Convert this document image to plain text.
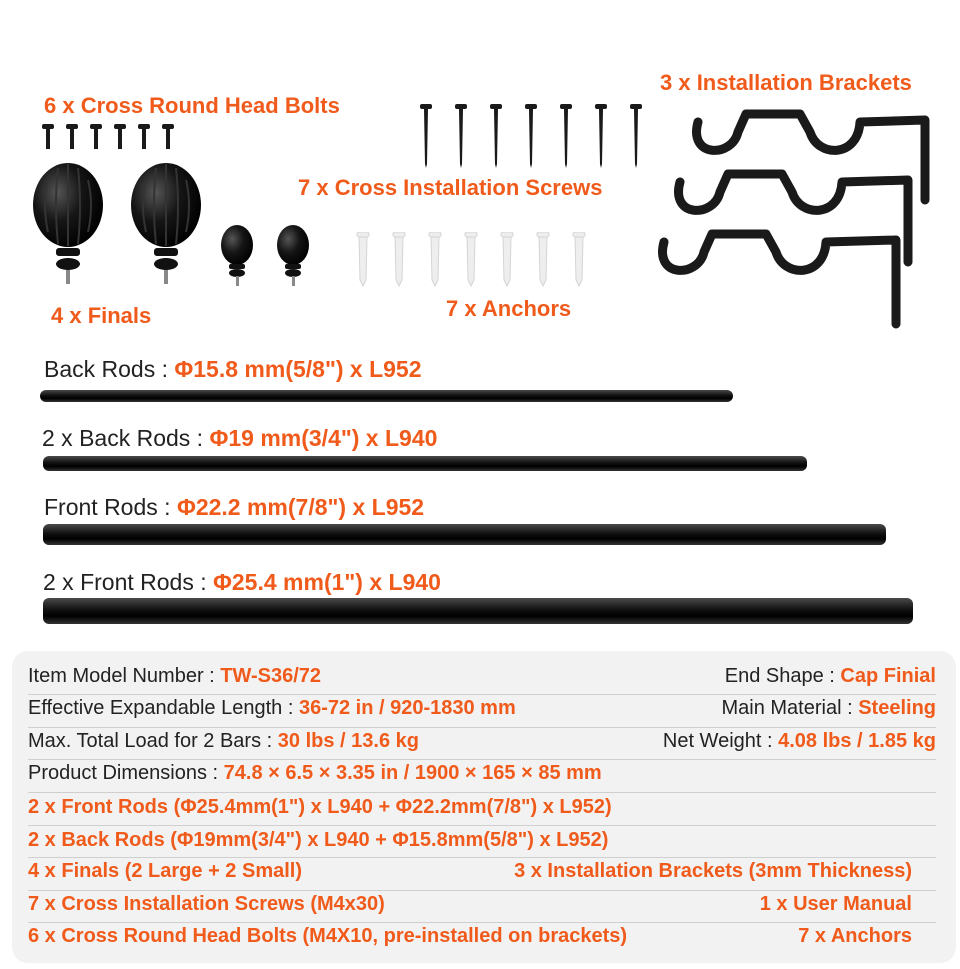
6 x Cross Round Head Bolts
4 x Finals
7 x Cross Installation Screws
7 x Anchors
3 x Installation Brackets
Back Rods : Φ15.8 mm(5/8") x L952
2 x Back Rods : Φ19 mm(3/4") x L940
Front Rods : Φ22.2 mm(7/8") x L952
2 x Front Rods : Φ25.4 mm(1") x L940
Item Model Number : TW-S36/72	End Shape : Cap Finial
Effective Expandable Length : 36-72 in / 920-1830 mm	Main Material : Steeling
Max. Total Load for 2 Bars : 30 lbs / 13.6 kg	Net Weight : 4.08 lbs / 1.85 kg
Product Dimensions : 74.8 × 6.5 × 3.35 in / 1900 × 165 × 85 mm
2 x Front Rods (Φ25.4mm(1") x L940 + Φ22.2mm(7/8") x L952)
2 x Back Rods (Φ19mm(3/4") x L940 + Φ15.8mm(5/8") x L952)
4 x Finals (2 Large + 2 Small)	3 x Installation Brackets (3mm Thickness)
7 x Cross Installation Screws (M4x30)	1 x User Manual
6 x Cross Round Head Bolts (M4X10, pre-installed on brackets)	7 x Anchors
